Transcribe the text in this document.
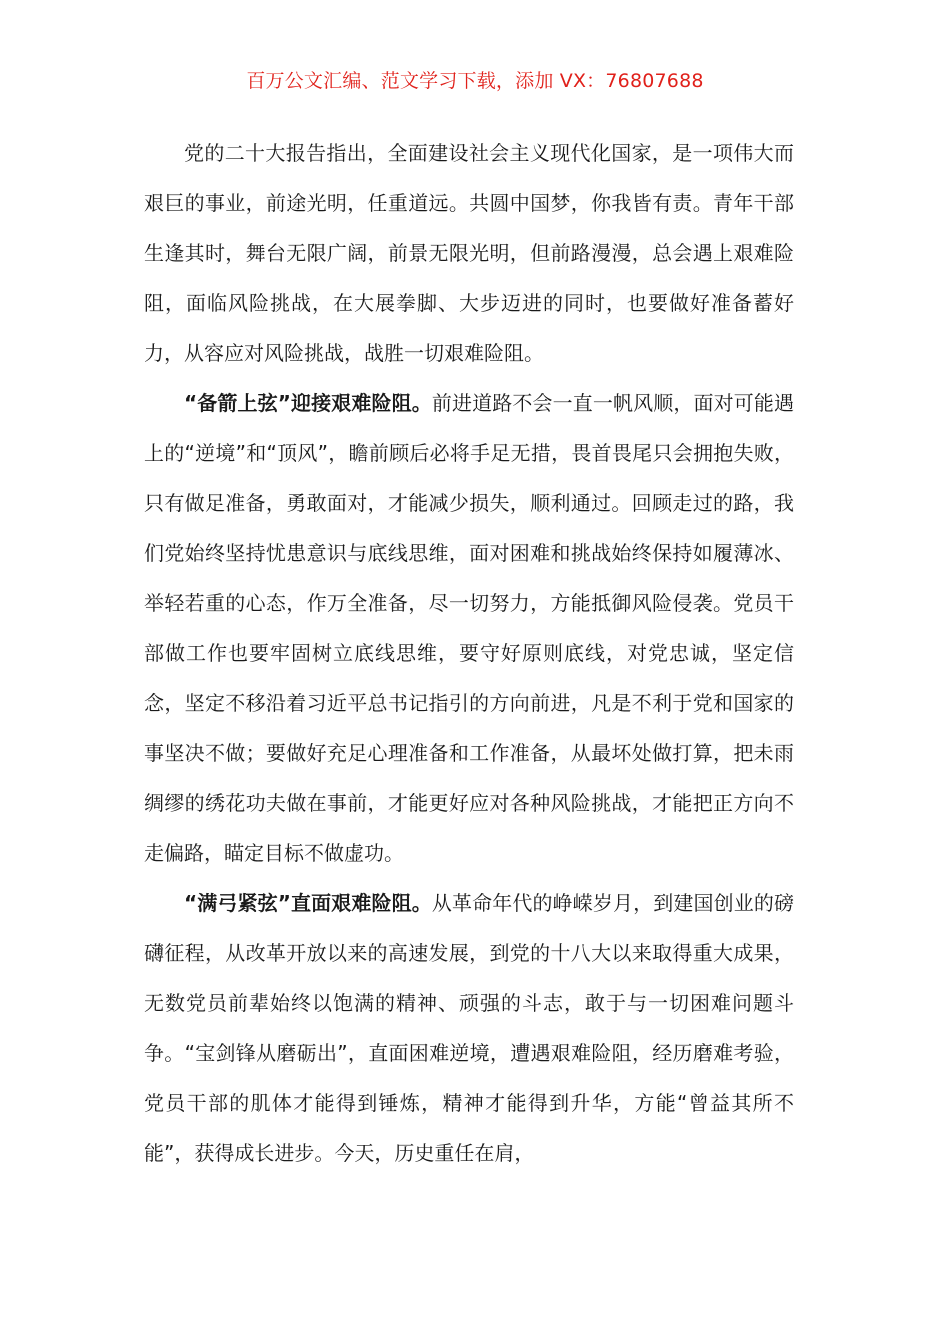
百万公文汇编、范文学习下载，添加 VX：76807688

党的二十大报告指出，全面建设社会主义现代化国家，是一项伟大而艰巨的事业，前途光明，任重道远。共圆中国梦，你我皆有责。青年干部生逢其时，舞台无限广阔，前景无限光明，但前路漫漫，总会遇上艰难险阻，面临风险挑战，在大展拳脚、大步迈进的同时，也要做好准备蓄好力，从容应对风险挑战，战胜一切艰难险阻。

“备箭上弦”迎接艰难险阻。前进道路不会一直一帆风顺，面对可能遇上的“逆境”和“顶风”，瞻前顾后必将手足无措，畏首畏尾只会拥抱失败，只有做足准备，勇敢面对，才能减少损失，顺利通过。回顾走过的路，我们党始终坚持忧患意识与底线思维，面对困难和挑战始终保持如履薄冰、举轻若重的心态，作万全准备，尽一切努力，方能抵御风险侵袭。党员干部做工作也要牢固树立底线思维，要守好原则底线，对党忠诚，坚定信念，坚定不移沿着习近平总书记指引的方向前进，凡是不利于党和国家的事坚决不做；要做好充足心理准备和工作准备，从最坏处做打算，把未雨绸缪的绣花功夫做在事前，才能更好应对各种风险挑战，才能把正方向不走偏路，瞄定目标不做虚功。

“满弓紧弦”直面艰难险阻。从革命年代的峥嵘岁月，到建国创业的磅礴征程，从改革开放以来的高速发展，到党的十八大以来取得重大成果，无数党员前辈始终以饱满的精神、顽强的斗志，敢于与一切困难问题斗争。“宝剑锋从磨砺出”，直面困难逆境，遭遇艰难险阻，经历磨难考验，党员干部的肌体才能得到锤炼，精神才能得到升华，方能“曾益其所不能”，获得成长进步。今天，历史重任在肩，
